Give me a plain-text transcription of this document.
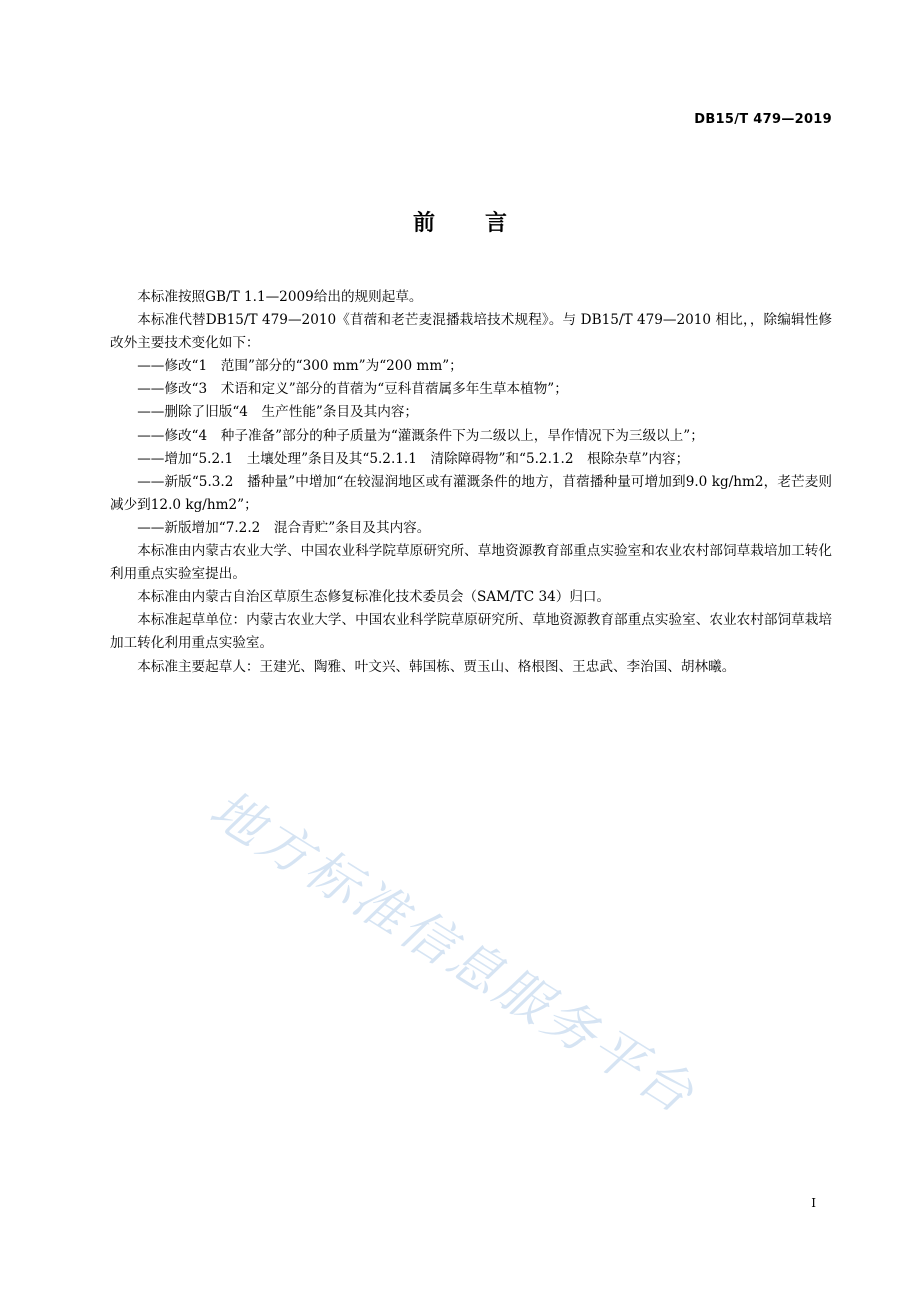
DB15/T 479—2019
前言

本标准按照GB/T 1.1—2009给出的规则起草。

本标准代替DB15/T 479—2010《苜蓿和老芒麦混播栽培技术规程》。与 DB15/T 479—2010 相比，，除编辑性修改外主要技术变化如下：

——修改“1　范围”部分的“300 mm”为“200 mm”；

——修改“3　术语和定义”部分的苜蓿为“豆科苜蓿属多年生草本植物”；

——删除了旧版“4　生产性能”条目及其内容；

——修改“4　种子准备”部分的种子质量为“灌溉条件下为二级以上，旱作情况下为三级以上”；

——增加“5.2.1　土壤处理”条目及其“5.2.1.1　清除障碍物”和“5.2.1.2　根除杂草”内容；

——新版“5.3.2　播种量”中增加“在较湿润地区或有灌溉条件的地方，苜蓿播种量可增加到9.0 kg/hm2，老芒麦则减少到12.0 kg/hm2”；

——新版增加“7.2.2　混合青贮”条目及其内容。

本标准由内蒙古农业大学、中国农业科学院草原研究所、草地资源教育部重点实验室和农业农村部饲草栽培加工转化利用重点实验室提出。

本标准由内蒙古自治区草原生态修复标准化技术委员会（SAM/TC 34）归口。

本标准起草单位：内蒙古农业大学、中国农业科学院草原研究所、草地资源教育部重点实验室、农业农村部饲草栽培加工转化利用重点实验室。

本标准主要起草人：王建光、陶雅、叶文兴、韩国栋、贾玉山、格根图、王忠武、李治国、胡林曦。

地方标准信息服务平台
I
